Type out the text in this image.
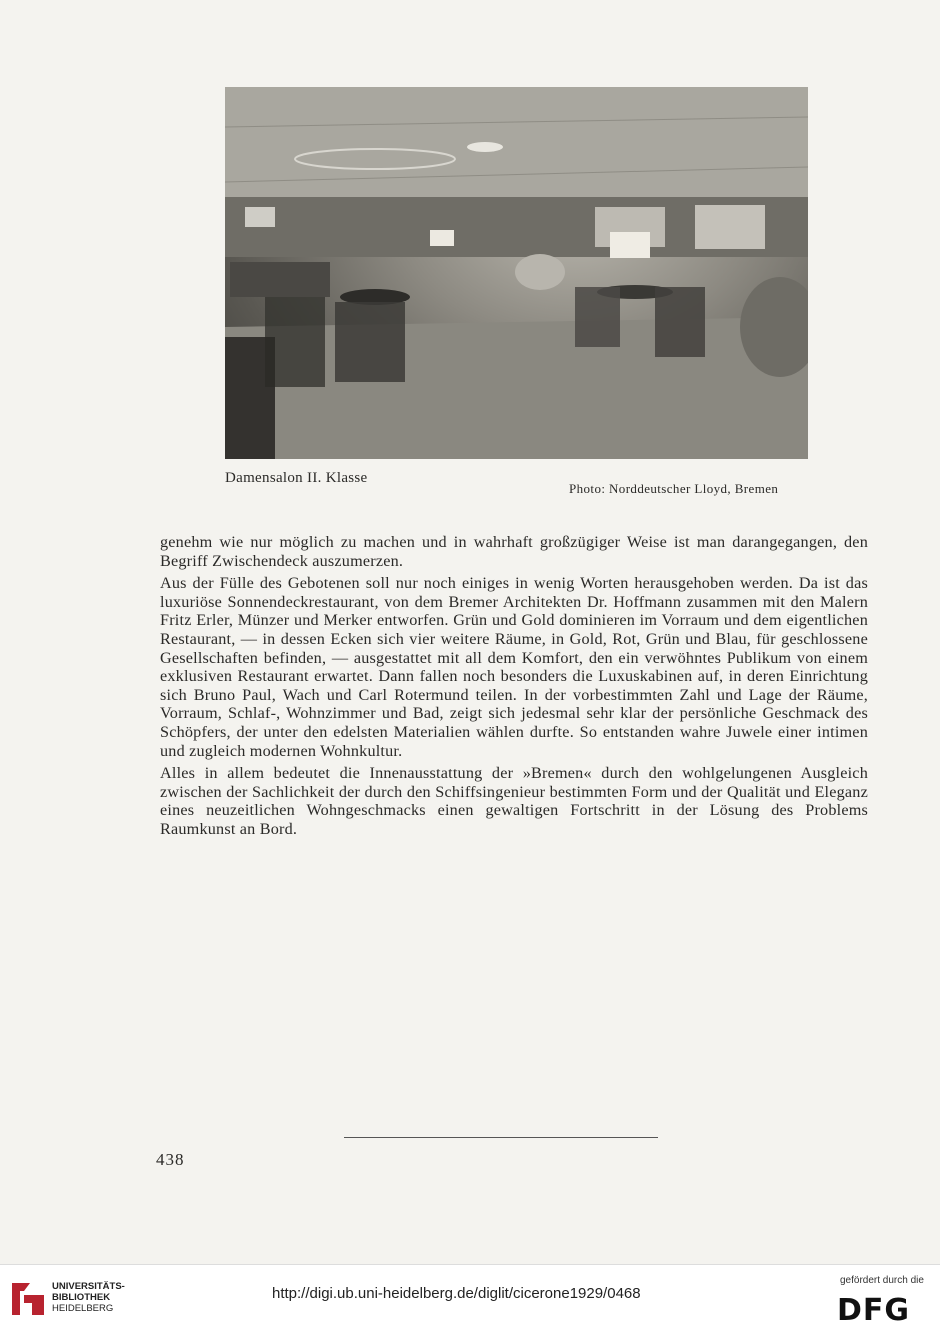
Damensalon II. Klasse
Photo: Norddeutscher Lloyd, Bremen

genehm wie nur möglich zu machen und in wahrhaft großzügiger Weise ist man darangegangen, den Begriff Zwischendeck auszumerzen.

Aus der Fülle des Gebotenen soll nur noch einiges in wenig Worten herausgehoben werden. Da ist das luxuriöse Sonnendeckrestaurant, von dem Bremer Architekten Dr. Hoffmann zusammen mit den Malern Fritz Erler, Münzer und Merker entworfen. Grün und Gold dominieren im Vorraum und dem eigentlichen Restaurant, — in dessen Ecken sich vier weitere Räume, in Gold, Rot, Grün und Blau, für geschlossene Gesellschaften befinden, — ausgestattet mit all dem Komfort, den ein verwöhntes Publikum von einem exklusiven Restaurant erwartet. Dann fallen noch besonders die Luxuskabinen auf, in deren Einrichtung sich Bruno Paul, Wach und Carl Rotermund teilen. In der vorbestimmten Zahl und Lage der Räume, Vorraum, Schlaf-, Wohnzimmer und Bad, zeigt sich jedesmal sehr klar der persönliche Geschmack des Schöpfers, der unter den edelsten Materialien wählen durfte. So entstanden wahre Juwele einer intimen und zugleich modernen Wohnkultur.

Alles in allem bedeutet die Innenausstattung der »Bremen« durch den wohlgelungenen Ausgleich zwischen der Sachlichkeit der durch den Schiffsingenieur bestimmten Form und der Qualität und Eleganz eines neuzeitlichen Wohngeschmacks einen gewaltigen Fortschritt in der Lösung des Problems Raumkunst an Bord.

438
UNIVERSITÄTS-
BIBLIOTHEK
HEIDELBERG
http://digi.ub.uni-heidelberg.de/diglit/cicerone1929/0468
gefördert durch die
DFG
